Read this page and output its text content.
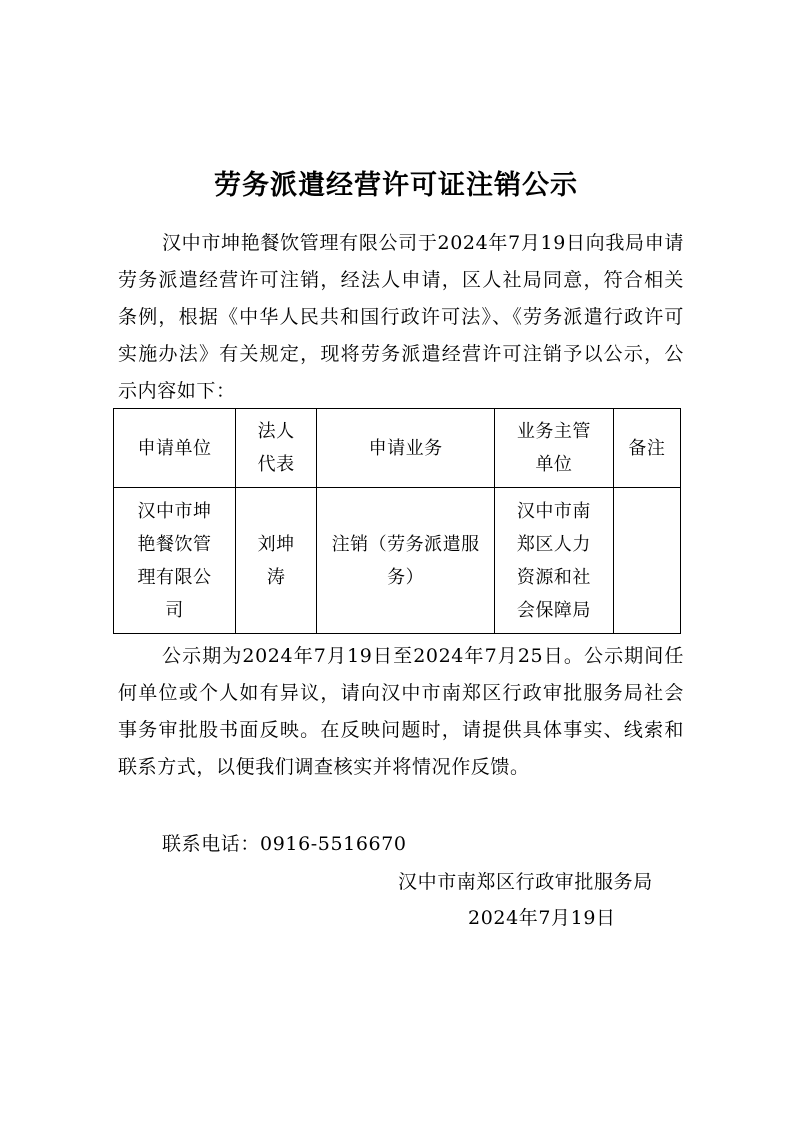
劳务派遣经营许可证注销公示
汉中市坤艳餐饮管理有限公司于2024年7月19日向我局申请劳务派遣经营许可注销，经法人申请，区人社局同意，符合相关条例，根据《中华人民共和国行政许可法》、《劳务派遣行政许可实施办法》有关规定，现将劳务派遣经营许可注销予以公示，公示内容如下：
申请单位	法人代表	申请业务	业务主管单位	备注
汉中市坤艳餐饮管理有限公司	刘坤涛	注销（劳务派遣服务）	汉中市南郑区人力资源和社会保障局	
公示期为2024年7月19日至2024年7月25日。公示期间任何单位或个人如有异议，请向汉中市南郑区行政审批服务局社会事务审批股书面反映。在反映问题时，请提供具体事实、线索和联系方式，以便我们调查核实并将情况作反馈。
联系电话：0916-5516670
汉中市南郑区行政审批服务局
2024年7月19日
